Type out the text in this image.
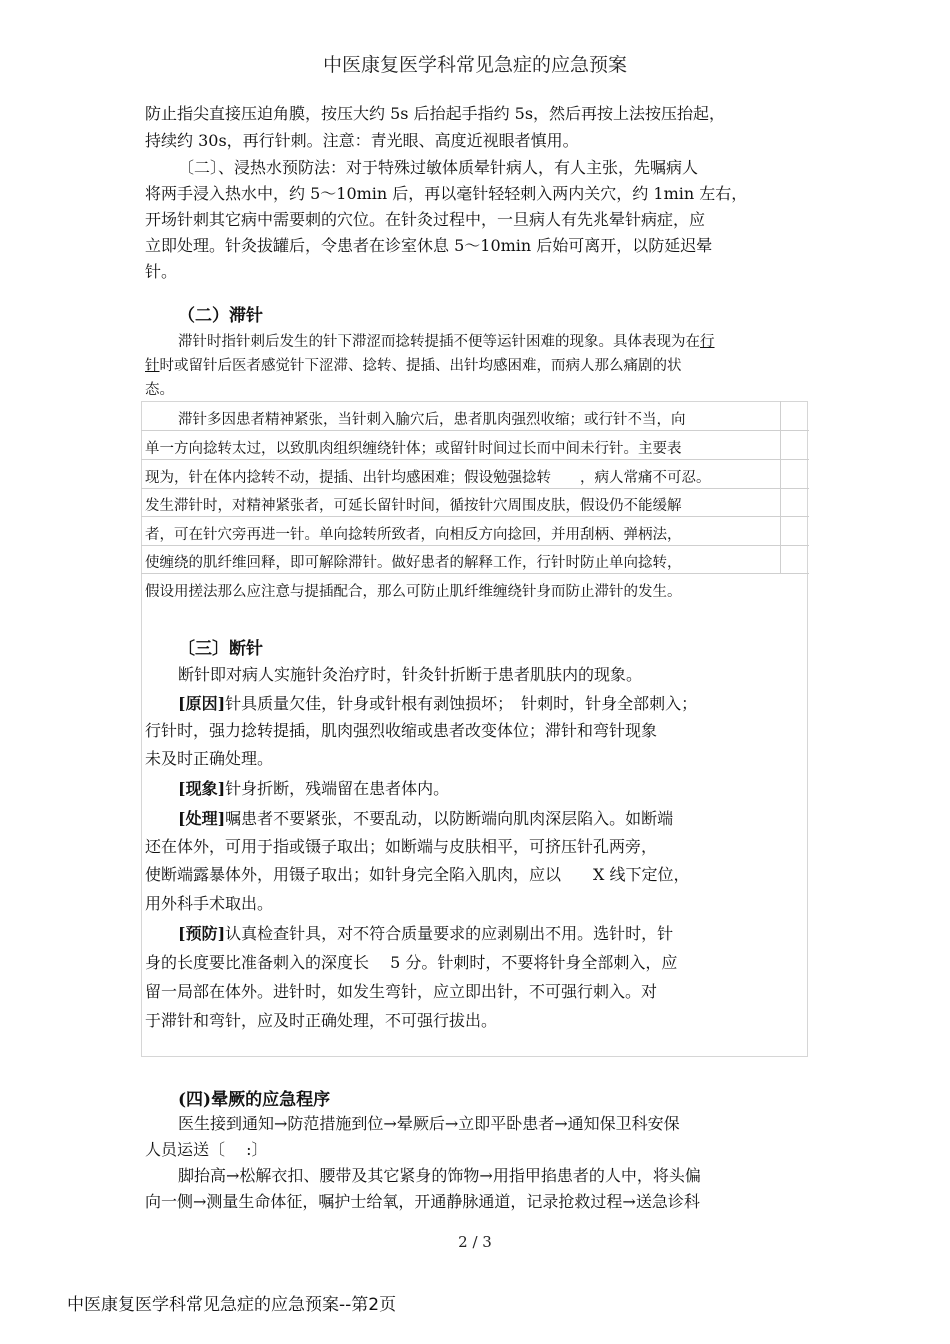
中医康复医学科常见急症的应急预案
防止指尖直接压迫角膜，按压大约 5s 后抬起手指约 5s，然后再按上法按压抬起，
持续约 30s，再行针刺。注意：青光眼、高度近视眼者慎用。
〔二〕、浸热水预防法：对于特殊过敏体质晕针病人，有人主张，先嘱病人
将两手浸入热水中，约 5～10min 后，再以毫针轻轻刺入两内关穴，约 1min 左右，
开场针刺其它病中需要刺的穴位。在针灸过程中，一旦病人有先兆晕针病症，应
立即处理。针灸拔罐后，令患者在诊室休息 5～10min 后始可离开，以防延迟晕
针。
（二）滞针
滞针时指针刺后发生的针下滞涩而捻转提插不便等运针困难的现象。具体表现为在行
针时或留针后医者感觉针下涩滞、捻转、提插、出针均感困难，而病人那么痛剧的状
态。
滞针多因患者精神紧张，当针刺入腧穴后，患者肌肉强烈收缩；或行针不当，向
单一方向捻转太过，以致肌肉组织缠绕针体；或留针时间过长而中间未行针。主要表
现为，针在体内捻转不动，提插、出针均感困难；假设勉强捻转　　，病人常痛不可忍。
发生滞针时，对精神紧张者，可延长留针时间，循按针穴周围皮肤，假设仍不能缓解
者，可在针穴旁再进一针。单向捻转所致者，向相反方向捻回，并用刮柄、弹柄法，
使缠绕的肌纤维回释，即可解除滞针。做好患者的解释工作，行针时防止单向捻转，
假设用搓法那么应注意与提插配合，那么可防止肌纤维缠绕针身而防止滞针的发生。
〔三〕断针
断针即对病人实施针灸治疗时，针灸针折断于患者肌肤内的现象。
[原因]针具质量欠佳，针身或针根有剥蚀损坏；　针刺时，针身全部刺入；
行针时，强力捻转提插，肌肉强烈收缩或患者改变体位；滞针和弯针现象
未及时正确处理。
[现象]针身折断，残端留在患者体内。
[处理]嘱患者不要紧张，不要乱动，以防断端向肌肉深层陷入。如断端
还在体外，可用于指或镊子取出；如断端与皮肤相平，可挤压针孔两旁，
使断端露暴体外，用镊子取出；如针身完全陷入肌肉，应以　　X 线下定位，
用外科手术取出。
[预防]认真检查针具，对不符合质量要求的应剥剔出不用。选针时，针
身的长度要比准备刺入的深度长　 5 分。针刺时，不要将针身全部刺入，应
留一局部在体外。进针时，如发生弯针，应立即出针，不可强行刺入。对
于滞针和弯针，应及时正确处理，不可强行拔出。
(四)晕厥的应急程序
医生接到通知→防范措施到位→晕厥后→立即平卧患者→通知保卫科安保
人员运送〔　 :〕
脚抬高→松解衣扣、腰带及其它紧身的饰物→用指甲掐患者的人中，将头偏
向一侧→测量生命体征，嘱护士给氧，开通静脉通道，记录抢救过程→送急诊科
2 / 3
中医康复医学科常见急症的应急预案--第2页
